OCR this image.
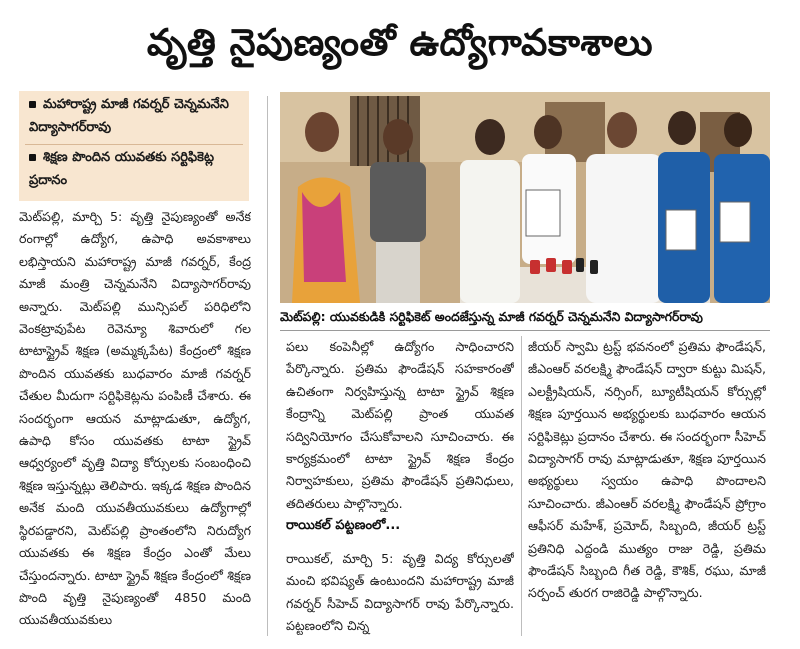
వృత్తి నైపుణ్యంతో ఉద్యోగావకాశాలు
మహారాష్ట్ర మాజీ గవర్నర్ చెన్నమనేని విద్యాసాగర్‌రావు
శిక్షణ పొందిన యువతకు సర్టిఫికెట్ల ప్రదానం
మెట్‌పల్లి, మార్చి 5: వృత్తి నైపుణ్యంతో అనేక రంగాల్లో ఉద్యోగ, ఉపాధి అవకాశాలు లభిస్తాయని మహారాష్ట్ర మాజీ గవర్నర్, కేంద్ర మాజీ మంత్రి చెన్నమనేని విద్యాసాగర్‌రావు అన్నారు. మెట్‌పల్లి మున్సిపల్ పరిధిలోని వెంకట్రావుపేట రెవెన్యూ శివారులో గల టాటాస్ట్రైవ్ శిక్షణ (అమ్మక్కపేట) కేంద్రంలో శిక్షణ పొందిన యువతకు బుధవారం మాజీ గవర్నర్ చేతుల మీదుగా సర్టిఫికెట్లను పంపిణీ చేశారు. ఈ సందర్భంగా ఆయన మాట్లాడుతూ, ఉద్యోగ, ఉపాధి కోసం యువతకు టాటా స్ట్రైవ్ ఆధ్వర్యంలో వృత్తి విద్యా కోర్సులకు సంబంధించి శిక్షణ ఇస్తున్నట్లు తెలిపారు. ఇక్కడ శిక్షణ పొందిన అనేక మంది యువతీయువకులు ఉద్యోగాల్లో స్థిరపడ్డారని, మెట్‌పల్లి ప్రాంతంలోని నిరుద్యోగ యువతకు ఈ శిక్షణ కేంద్రం ఎంతో మేలు చేస్తుందన్నారు. టాటా స్ట్రైవ్ శిక్షణ కేంద్రంలో శిక్షణ పొంది వృత్తి నైపుణ్యంతో 4850 మంది యువతీయువకులు
మెట్‌పల్లి: యువకుడికి సర్టిఫికెట్ అందజేస్తున్న మాజీ గవర్నర్ చెన్నమనేని విద్యాసాగర్‌రావు
పలు కంపెనీల్లో ఉద్యోగం సాధించారని పేర్కొన్నారు. ప్రతిమ ఫౌండేషన్ సహకారంతో ఉచితంగా నిర్వహిస్తున్న టాటా స్ట్రైవ్ శిక్షణ కేంద్రాన్ని మెట్‌పల్లి ప్రాంత యువత సద్వినియోగం చేసుకోవాలని సూచించారు. ఈ కార్యక్రమంలో టాటా స్ట్రైవ్ శిక్షణ కేంద్రం నిర్వాహకులు, ప్రతిమ ఫౌండేషన్ ప్రతినిధులు, తదితరులు పాల్గొన్నారు.
రాయికల్ పట్టణంలో...
రాయికల్, మార్చి 5: వృత్తి విద్య కోర్సులతో మంచి భవిష్యత్ ఉంటుందని మహారాష్ట్ర మాజీ గవర్నర్ సీహెచ్ విద్యాసాగర్ రావు పేర్కొన్నారు. పట్టణంలోని చిన్న
జీయర్ స్వామి ట్రస్ట్ భవనంలో ప్రతిమ ఫౌండేషన్, జీఎంఆర్ వరలక్ష్మి ఫౌండేషన్ ద్వారా కుట్టు మిషన్, ఎలక్ట్రీషియన్, నర్సింగ్, బ్యూటీషియన్ కోర్సుల్లో శిక్షణ పూర్తయిన అభ్యర్థులకు బుధవారం ఆయన సర్టిఫికెట్లు ప్రదానం చేశారు. ఈ సందర్భంగా సీహెచ్ విద్యాసాగర్ రావు మాట్లాడుతూ, శిక్షణ పూర్తయిన అభ్యర్థులు స్వయం ఉపాధి పొందాలని సూచించారు. జీఎంఆర్ వరలక్ష్మి ఫౌండేషన్ ప్రోగ్రాం ఆఫీసర్ మహేశ్, ప్రమోద్, సిబ్బంది, జీయర్ ట్రస్ట్ ప్రతినిధి ఎద్దండి ముత్యం రాజు రెడ్డి, ప్రతిమ ఫౌండేషన్ సిబ్బంది గీత రెడ్డి, కౌశిక్, రఘు, మాజీ సర్పంచ్ తురగ రాజిరెడ్డి పాల్గొన్నారు.
